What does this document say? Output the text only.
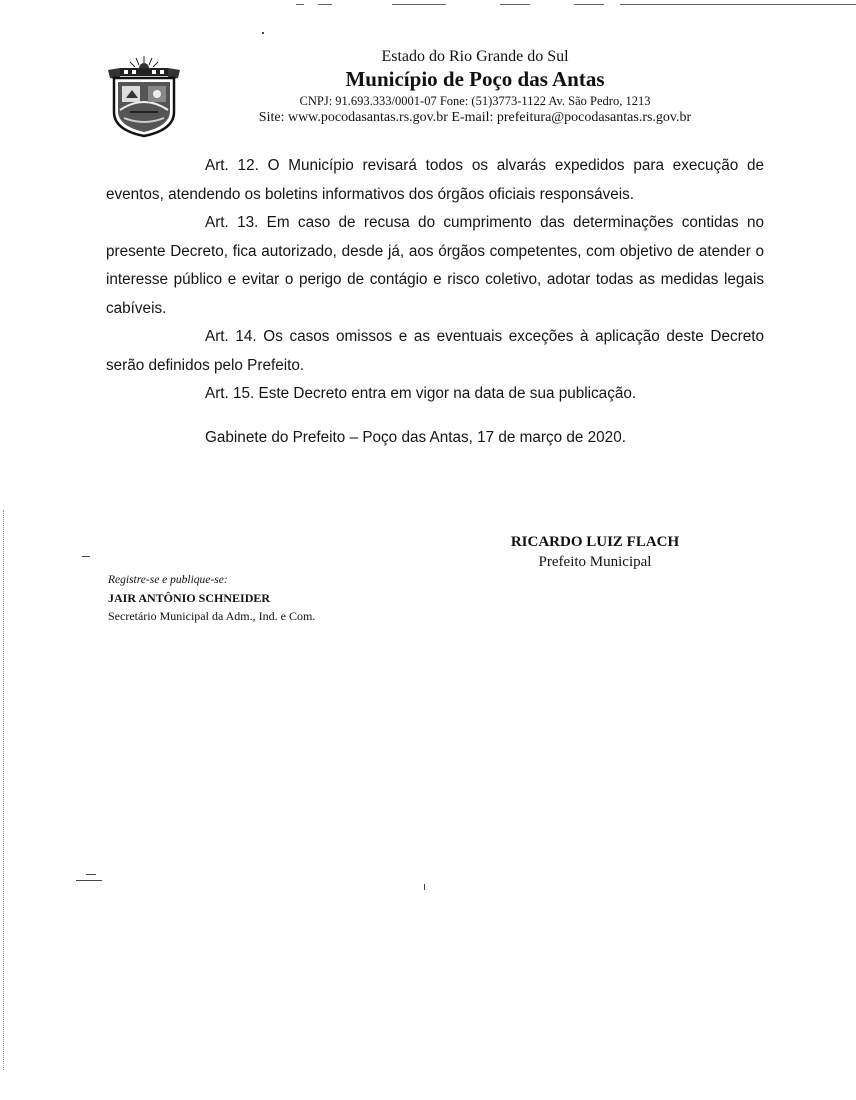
Estado do Rio Grande do Sul
Município de Poço das Antas
CNPJ: 91.693.333/0001-07 Fone: (51)3773-1122 Av. São Pedro, 1213
Site: www.pocodasantas.rs.gov.br E-mail: prefeitura@pocodasantas.rs.gov.br

Art. 12. O Município revisará todos os alvarás expedidos para execução de eventos, atendendo os boletins informativos dos órgãos oficiais responsáveis.

Art. 13. Em caso de recusa do cumprimento das determinações contidas no presente Decreto, fica autorizado, desde já, aos órgãos competentes, com objetivo de atender o interesse público e evitar o perigo de contágio e risco coletivo, adotar todas as medidas legais cabíveis.

Art. 14. Os casos omissos e as eventuais exceções à aplicação deste Decreto serão definidos pelo Prefeito.

Art. 15. Este Decreto entra em vigor na data de sua publicação.

Gabinete do Prefeito – Poço das Antas, 17 de março de 2020.

RICARDO LUIZ FLACH
Prefeito Municipal
Registre-se e publique-se:
JAIR ANTÔNIO SCHNEIDER
Secretário Municipal da Adm., Ind. e Com.
